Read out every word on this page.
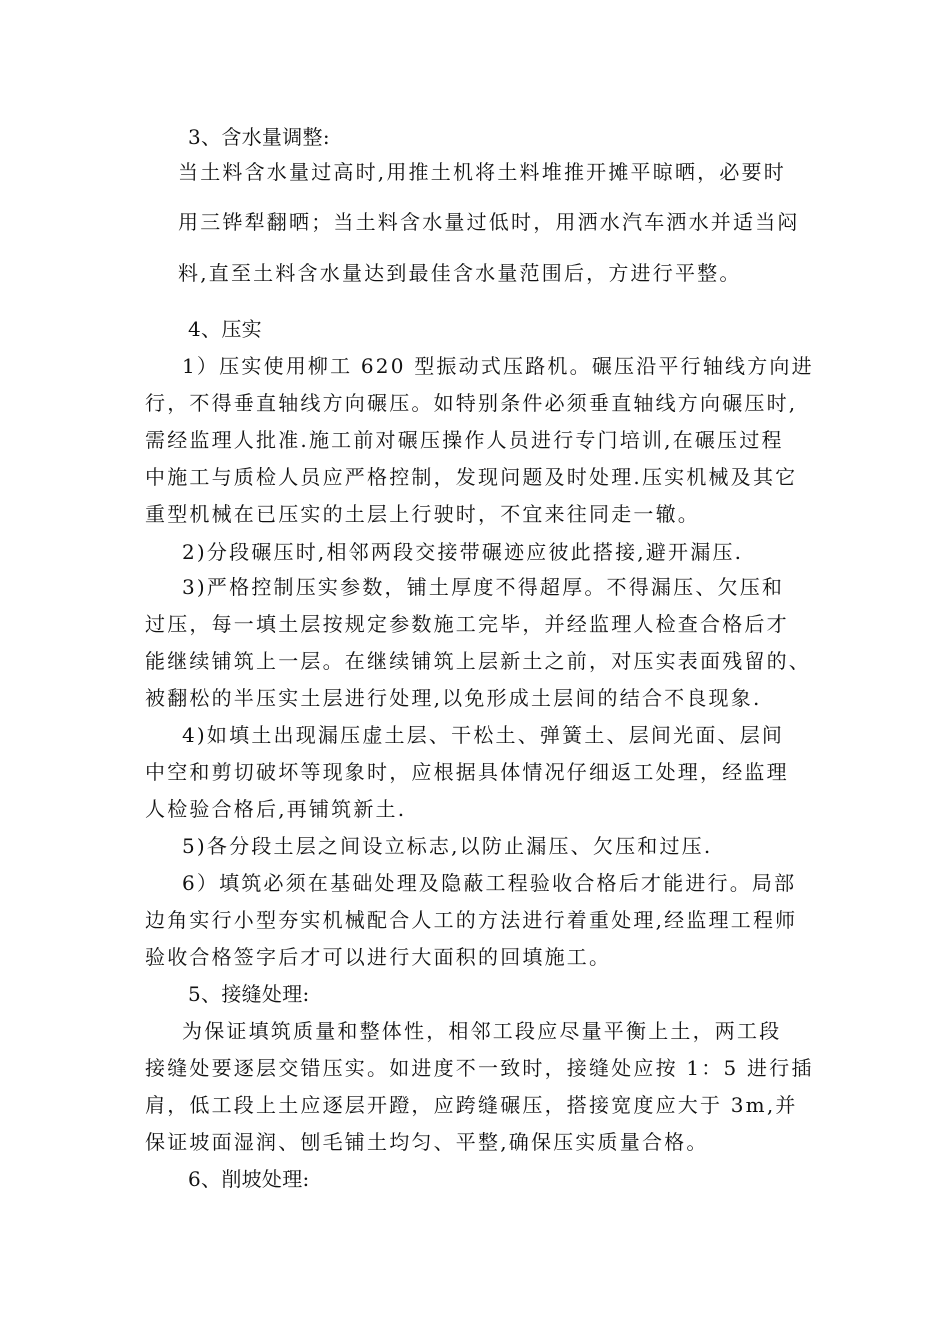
3、含水量调整:
当土料含水量过高时,用推土机将土料堆推开摊平晾晒，必要时
用三铧犁翻晒；当土料含水量过低时，用洒水汽车洒水并适当闷
料,直至土料含水量达到最佳含水量范围后，方进行平整。
4、压实
1）压实使用柳工 620 型振动式压路机。碾压沿平行轴线方向进
行，不得垂直轴线方向碾压。如特别条件必须垂直轴线方向碾压时,
需经监理人批准.施工前对碾压操作人员进行专门培训,在碾压过程
中施工与质检人员应严格控制，发现问题及时处理.压实机械及其它
重型机械在已压实的土层上行驶时，不宜来往同走一辙。
2)分段碾压时,相邻两段交接带碾迹应彼此搭接,避开漏压.
3)严格控制压实参数，铺土厚度不得超厚。不得漏压、欠压和
过压，每一填土层按规定参数施工完毕，并经监理人检查合格后才
能继续铺筑上一层。在继续铺筑上层新土之前，对压实表面残留的、
被翻松的半压实土层进行处理,以免形成土层间的结合不良现象.
4)如填土出现漏压虚土层、干松土、弹簧土、层间光面、层间
中空和剪切破坏等现象时，应根据具体情况仔细返工处理，经监理
人检验合格后,再铺筑新土.
5)各分段土层之间设立标志,以防止漏压、欠压和过压.
6）填筑必须在基础处理及隐蔽工程验收合格后才能进行。局部
边角实行小型夯实机械配合人工的方法进行着重处理,经监理工程师
验收合格签字后才可以进行大面积的回填施工。
5、接缝处理:
为保证填筑质量和整体性，相邻工段应尽量平衡上土，两工段
接缝处要逐层交错压实。如进度不一致时，接缝处应按 1：5 进行插
肩，低工段上土应逐层开蹬，应跨缝碾压，搭接宽度应大于 3m,并
保证坡面湿润、刨毛铺土均匀、平整,确保压实质量合格。
6、削坡处理:
